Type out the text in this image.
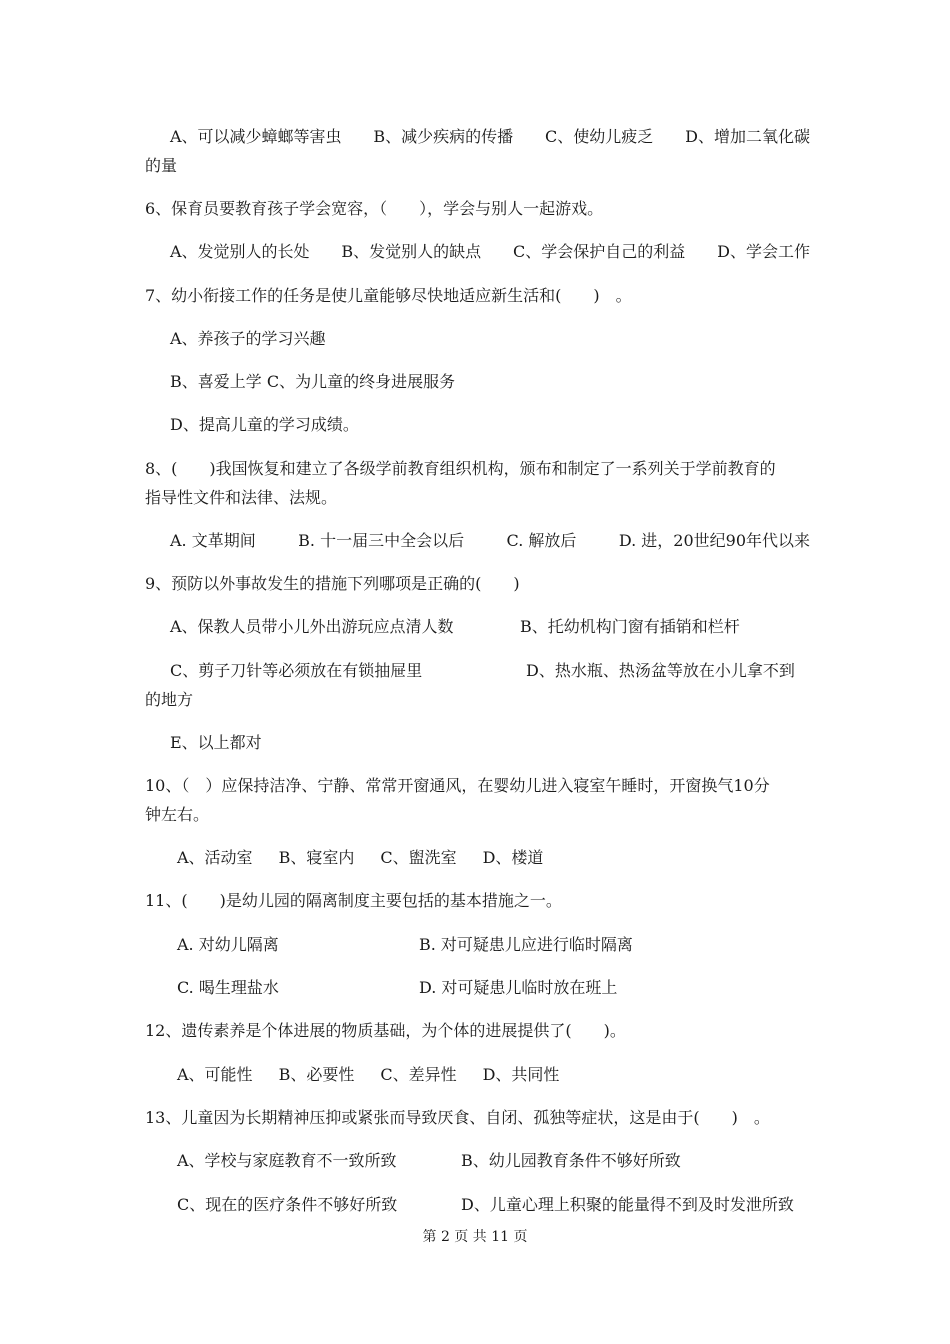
A、可以减少蟑螂等害虫 B、减少疾病的传播 C、使幼儿疲乏 D、增加二氧化碳
的量
6、保育员要教育孩子学会宽容，（　　），学会与别人一起游戏。
A、发觉别人的长处 B、发觉别人的缺点 C、学会保护自己的利益 D、学会工作
7、幼小衔接工作的任务是使儿童能够尽快地适应新生活和(　　)　。
A、养孩子的学习兴趣
B、喜爱上学 C、为儿童的终身进展服务
D、提高儿童的学习成绩。
8、(　　)我国恢复和建立了各级学前教育组织机构，颁布和制定了一系列关于学前教育的
指导性文件和法律、法规。
A. 文革期间	B. 十一届三中全会以后	C. 解放后	D. 进，20世纪90年代以来
9、预防以外事故发生的措施下列哪项是正确的(　　)
A、保教人员带小儿外出游玩应点清人数	B、托幼机构门窗有插销和栏杆
C、剪子刀针等必须放在有锁抽屉里	D、热水瓶、热汤盆等放在小儿拿不到
的地方
E、以上都对
10、（　）应保持洁净、宁静、常常开窗通风，在婴幼儿进入寝室午睡时，开窗换气10分
钟左右。
A、活动室 B、寝室内 C、盥洗室 D、楼道
11、(　　)是幼儿园的隔离制度主要包括的基本措施之一。
A. 对幼儿隔离	B. 对可疑患儿应进行临时隔离
C. 喝生理盐水	D. 对可疑患儿临时放在班上
12、遗传素养是个体进展的物质基础，为个体的进展提供了(　　)。
A、可能性 B、必要性 C、差异性 D、共同性
13、儿童因为长期精神压抑或紧张而导致厌食、自闭、孤独等症状，这是由于(　　)　。
A、学校与家庭教育不一致所致	B、幼儿园教育条件不够好所致
C、现在的医疗条件不够好所致	D、儿童心理上积聚的能量得不到及时发泄所致
第 2 页 共 11 页
